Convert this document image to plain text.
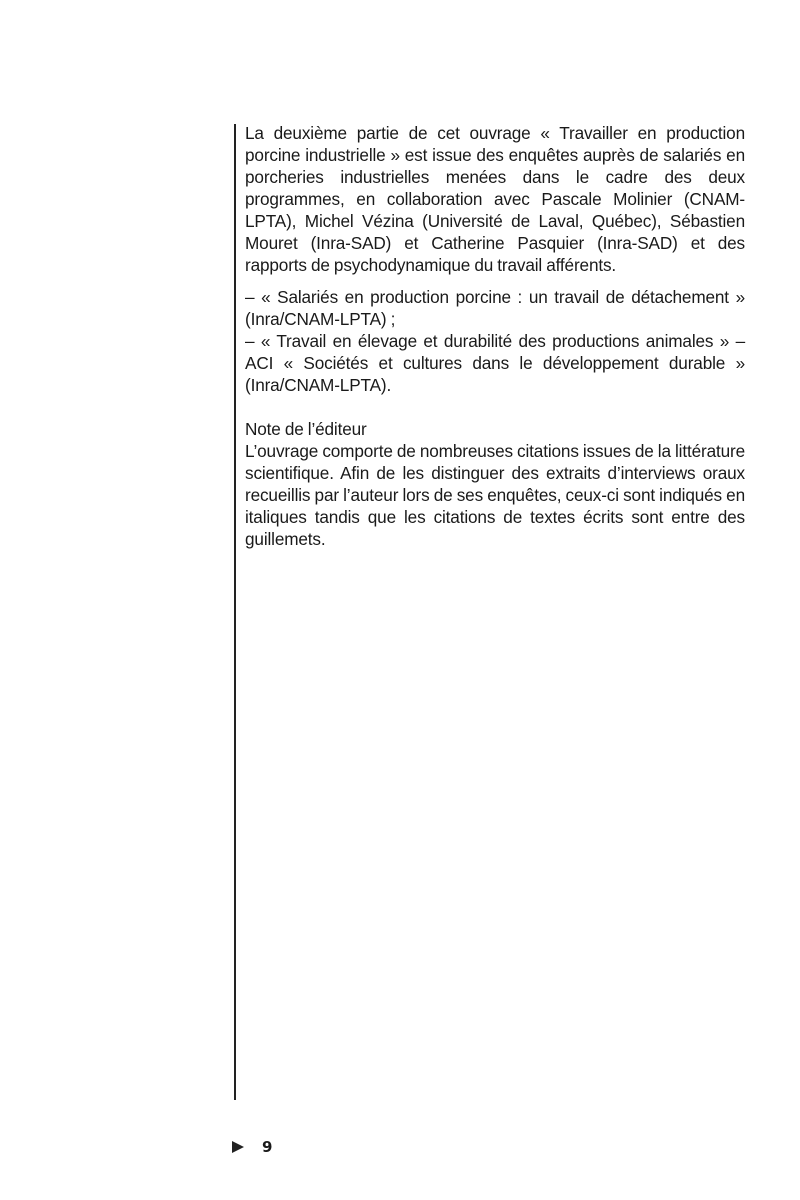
La deuxième partie de cet ouvrage « Travailler en production porcine industrielle » est issue des enquêtes auprès de salariés en porcheries industrielles menées dans le cadre des deux programmes, en collaboration avec Pascale Molinier (CNAM-LPTA), Michel Vézina (Université de Laval, Québec), Sébastien Mouret (Inra-SAD) et Catherine Pasquier (Inra-SAD) et des rapports de psychodynamique du travail afférents.

– « Salariés en production porcine : un travail de détachement » (Inra/CNAM-LPTA) ;
– « Travail en élevage et durabilité des productions animales » – ACI « Sociétés et cultures dans le développement durable » (Inra/CNAM-LPTA).

Note de l’éditeur

L’ouvrage comporte de nombreuses citations issues de la littérature scientifique. Afin de les distinguer des extraits d’interviews oraux recueillis par l’auteur lors de ses enquêtes, ceux-ci sont indiqués en italiques tandis que les citations de textes écrits sont entre des guillemets.

9
